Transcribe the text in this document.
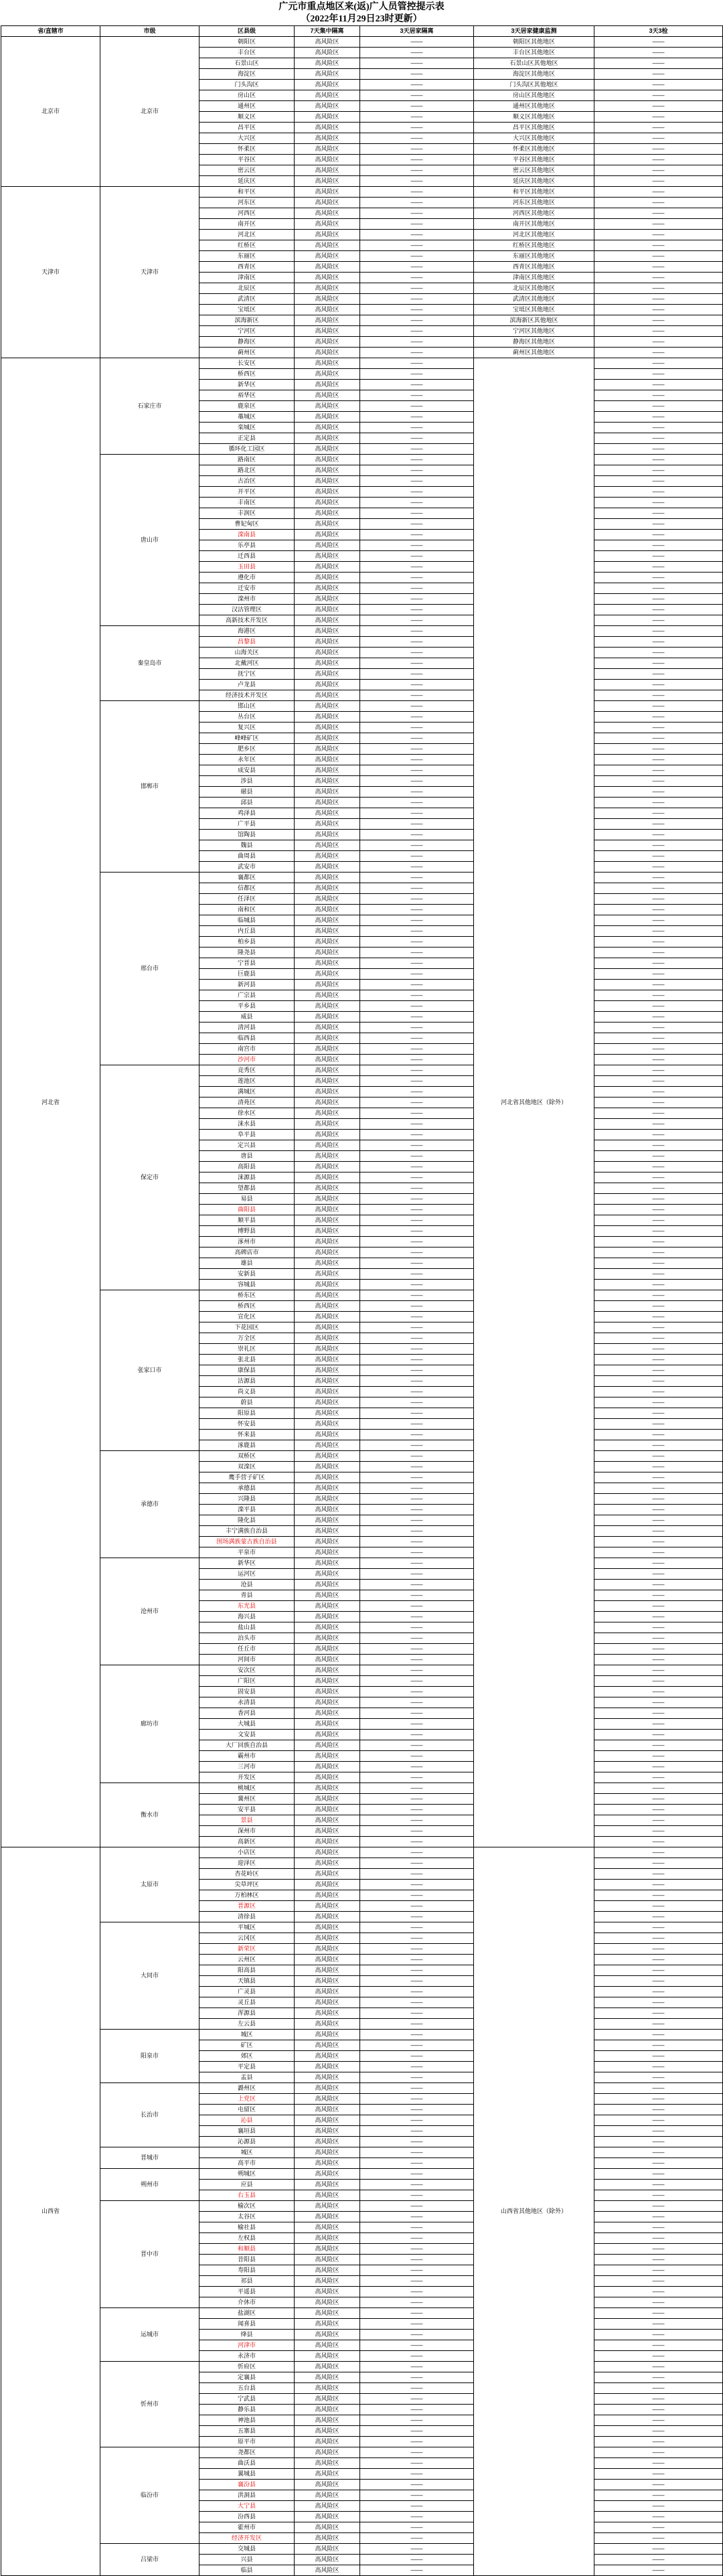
广元市重点地区来(返)广人员管控提示表
（2022年11月29日23时更新）
省/直辖市	市级	区县级	7天集中隔离	3天居家隔离	3天居家健康监测	3天3检
北京市	北京市	朝阳区	高风险区	——	朝阳区其他地区	——
		丰台区	高风险区	——	丰台区其他地区	——
		石景山区	高风险区	——	石景山区其他地区	——
		海淀区	高风险区	——	海淀区其他地区	——
		门头沟区	高风险区	——	门头沟区其他地区	——
		房山区	高风险区	——	房山区其他地区	——
		通州区	高风险区	——	通州区其他地区	——
		顺义区	高风险区	——	顺义区其他地区	——
		昌平区	高风险区	——	昌平区其他地区	——
		大兴区	高风险区	——	大兴区其他地区	——
		怀柔区	高风险区	——	怀柔区其他地区	——
		平谷区	高风险区	——	平谷区其他地区	——
		密云区	高风险区	——	密云区其他地区	——
		延庆区	高风险区	——	延庆区其他地区	——
天津市	天津市	和平区	高风险区	——	和平区其他地区	——
		河东区	高风险区	——	河东区其他地区	——
		河西区	高风险区	——	河西区其他地区	——
		南开区	高风险区	——	南开区其他地区	——
		河北区	高风险区	——	河北区其他地区	——
		红桥区	高风险区	——	红桥区其他地区	——
		东丽区	高风险区	——	东丽区其他地区	——
		西青区	高风险区	——	西青区其他地区	——
		津南区	高风险区	——	津南区其他地区	——
		北辰区	高风险区	——	北辰区其他地区	——
		武清区	高风险区	——	武清区其他地区	——
		宝坻区	高风险区	——	宝坻区其他地区	——
		滨海新区	高风险区	——	滨海新区其他地区	——
		宁河区	高风险区	——	宁河区其他地区	——
		静海区	高风险区	——	静海区其他地区	——
		蓟州区	高风险区	——	蓟州区其他地区	——
河北省	石家庄市	长安区	高风险区	——	河北省其他地区（除外）	——
		桥西区	高风险区	——		——
		新华区	高风险区	——		——
		裕华区	高风险区	——		——
		鹿泉区	高风险区	——		——
		藁城区	高风险区	——		——
		栾城区	高风险区	——		——
		正定县	高风险区	——		——
		循环化工园区	高风险区	——		——
	唐山市	路南区	高风险区	——		——
		路北区	高风险区	——		——
		古冶区	高风险区	——		——
		开平区	高风险区	——		——
		丰南区	高风险区	——		——
		丰润区	高风险区	——		——
		曹妃甸区	高风险区	——		——
		滦南县	高风险区	——		——
		乐亭县	高风险区	——		——
		迁西县	高风险区	——		——
		玉田县	高风险区	——		——
		遵化市	高风险区	——		——
		迁安市	高风险区	——		——
		滦州市	高风险区	——		——
		汉沽管理区	高风险区	——		——
		高新技术开发区	高风险区	——		——
	秦皇岛市	海港区	高风险区	——		——
		昌黎县	高风险区	——		——
		山海关区	高风险区	——		——
		北戴河区	高风险区	——		——
		抚宁区	高风险区	——		——
		卢龙县	高风险区	——		——
		经济技术开发区	高风险区	——		——
	邯郸市	邯山区	高风险区	——		——
		丛台区	高风险区	——		——
		复兴区	高风险区	——		——
		峰峰矿区	高风险区	——		——
		肥乡区	高风险区	——		——
		永年区	高风险区	——		——
		成安县	高风险区	——		——
		涉县	高风险区	——		——
		磁县	高风险区	——		——
		邱县	高风险区	——		——
		鸡泽县	高风险区	——		——
		广平县	高风险区	——		——
		馆陶县	高风险区	——		——
		魏县	高风险区	——		——
		曲周县	高风险区	——		——
		武安市	高风险区	——		——
	邢台市	襄都区	高风险区	——		——
		信都区	高风险区	——		——
		任泽区	高风险区	——		——
		南和区	高风险区	——		——
		临城县	高风险区	——		——
		内丘县	高风险区	——		——
		柏乡县	高风险区	——		——
		隆尧县	高风险区	——		——
		宁晋县	高风险区	——		——
		巨鹿县	高风险区	——		——
		新河县	高风险区	——		——
		广宗县	高风险区	——		——
		平乡县	高风险区	——		——
		威县	高风险区	——		——
		清河县	高风险区	——		——
		临西县	高风险区	——		——
		南宫市	高风险区	——		——
		沙河市	高风险区	——		——
	保定市	竞秀区	高风险区	——		——
		莲池区	高风险区	——		——
		满城区	高风险区	——		——
		清苑区	高风险区	——		——
		徐水区	高风险区	——		——
		涞水县	高风险区	——		——
		阜平县	高风险区	——		——
		定兴县	高风险区	——		——
		唐县	高风险区	——		——
		高阳县	高风险区	——		——
		涞源县	高风险区	——		——
		望都县	高风险区	——		——
		易县	高风险区	——		——
		曲阳县	高风险区	——		——
		顺平县	高风险区	——		——
		博野县	高风险区	——		——
		涿州市	高风险区	——		——
		高碑店市	高风险区	——		——
		雄县	高风险区	——		——
		安新县	高风险区	——		——
		容城县	高风险区	——		——
	张家口市	桥东区	高风险区	——		——
		桥西区	高风险区	——		——
		宣化区	高风险区	——		——
		下花园区	高风险区	——		——
		万全区	高风险区	——		——
		崇礼区	高风险区	——		——
		张北县	高风险区	——		——
		康保县	高风险区	——		——
		沽源县	高风险区	——		——
		尚义县	高风险区	——		——
		蔚县	高风险区	——		——
		阳原县	高风险区	——		——
		怀安县	高风险区	——		——
		怀来县	高风险区	——		——
		涿鹿县	高风险区	——		——
	承德市	双桥区	高风险区	——		——
		双滦区	高风险区	——		——
		鹰手营子矿区	高风险区	——		——
		承德县	高风险区	——		——
		兴隆县	高风险区	——		——
		滦平县	高风险区	——		——
		隆化县	高风险区	——		——
		丰宁满族自治县	高风险区	——		——
		围场满族蒙古族自治县	高风险区	——		——
		平泉市	高风险区	——		——
	沧州市	新华区	高风险区	——		——
		运河区	高风险区	——		——
		沧县	高风险区	——		——
		青县	高风险区	——		——
		东光县	高风险区	——		——
		海兴县	高风险区	——		——
		盐山县	高风险区	——		——
		泊头市	高风险区	——		——
		任丘市	高风险区	——		——
		河间市	高风险区	——		——
	廊坊市	安次区	高风险区	——		——
		广阳区	高风险区	——		——
		固安县	高风险区	——		——
		永清县	高风险区	——		——
		香河县	高风险区	——		——
		大城县	高风险区	——		——
		文安县	高风险区	——		——
		大厂回族自治县	高风险区	——		——
		霸州市	高风险区	——		——
		三河市	高风险区	——		——
		开发区	高风险区	——		——
	衡水市	桃城区	高风险区	——		——
		冀州区	高风险区	——		——
		安平县	高风险区	——		——
		景县	高风险区	——		——
		深州市	高风险区	——		——
		高新区	高风险区	——		——
山西省	太原市	小店区	高风险区	——	山西省其他地区（除外）	——
		迎泽区	高风险区	——		——
		杏花岭区	高风险区	——		——
		尖草坪区	高风险区	——		——
		万柏林区	高风险区	——		——
		晋源区	高风险区	——		——
		清徐县	高风险区	——		——
	大同市	平城区	高风险区	——		——
		云冈区	高风险区	——		——
		新荣区	高风险区	——		——
		云州区	高风险区	——		——
		阳高县	高风险区	——		——
		天镇县	高风险区	——		——
		广灵县	高风险区	——		——
		灵丘县	高风险区	——		——
		浑源县	高风险区	——		——
		左云县	高风险区	——		——
	阳泉市	城区	高风险区	——		——
		矿区	高风险区	——		——
		郊区	高风险区	——		——
		平定县	高风险区	——		——
		盂县	高风险区	——		——
	长治市	潞州区	高风险区	——		——
		上党区	高风险区	——		——
		屯留区	高风险区	——		——
		沁县	高风险区	——		——
		襄垣县	高风险区	——		——
		沁源县	高风险区	——		——
	晋城市	城区	高风险区	——		——
		高平市	高风险区	——		——
	朔州市	朔城区	高风险区	——		——
		应县	高风险区	——		——
		右玉县	高风险区	——		——
	晋中市	榆次区	高风险区	——		——
		太谷区	高风险区	——		——
		榆社县	高风险区	——		——
		左权县	高风险区	——		——
		和顺县	高风险区	——		——
		昔阳县	高风险区	——		——
		寿阳县	高风险区	——		——
		祁县	高风险区	——		——
		平遥县	高风险区	——		——
		介休市	高风险区	——		——
	运城市	盐湖区	高风险区	——		——
		闻喜县	高风险区	——		——
		绛县	高风险区	——		——
		河津市	高风险区	——		——
		永济市	高风险区	——		——
	忻州市	忻府区	高风险区	——		——
		定襄县	高风险区	——		——
		五台县	高风险区	——		——
		宁武县	高风险区	——		——
		静乐县	高风险区	——		——
		神池县	高风险区	——		——
		五寨县	高风险区	——		——
		原平市	高风险区	——		——
	临汾市	尧都区	高风险区	——		——
		曲沃县	高风险区	——		——
		翼城县	高风险区	——		——
		襄汾县	高风险区	——		——
		洪洞县	高风险区	——		——
		大宁县	高风险区	——		——
		汾西县	高风险区	——		——
		霍州市	高风险区	——		——
		经济开发区	高风险区	——		——
	吕梁市	交城县	高风险区	——		——
		兴县	高风险区	——		——
		临县	高风险区	——		——
